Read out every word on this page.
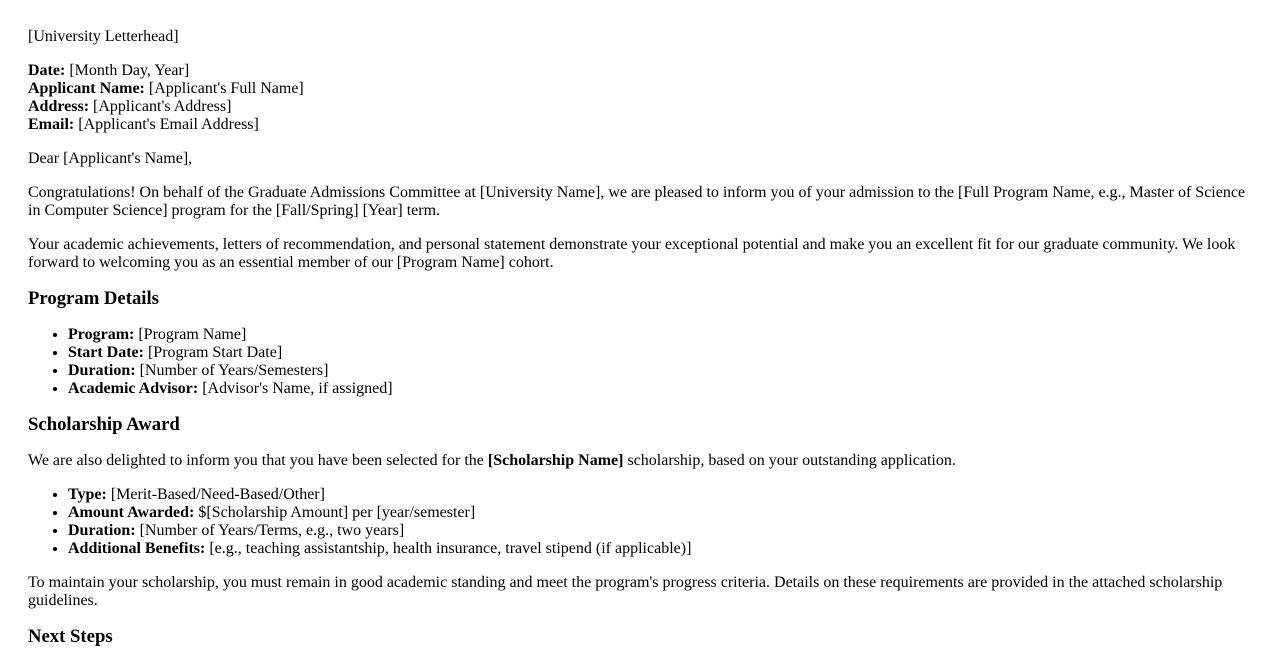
[University Letterhead]

Date: [Month Day, Year]
Applicant Name: [Applicant's Full Name]
Address: [Applicant's Address]
Email: [Applicant's Email Address]

Dear [Applicant's Name],

Congratulations! On behalf of the Graduate Admissions Committee at [University Name], we are pleased to inform you of your admission to the [Full Program Name, e.g., Master of Science in Computer Science] program for the [Fall/Spring] [Year] term.

Your academic achievements, letters of recommendation, and personal statement demonstrate your exceptional potential and make you an excellent fit for our graduate community. We look forward to welcoming you as an essential member of our [Program Name] cohort.

Program Details
• Program: [Program Name]
• Start Date: [Program Start Date]
• Duration: [Number of Years/Semesters]
• Academic Advisor: [Advisor's Name, if assigned]
Scholarship Award

We are also delighted to inform you that you have been selected for the [Scholarship Name] scholarship, based on your outstanding application.

• Type: [Merit-Based/Need-Based/Other]
• Amount Awarded: $[Scholarship Amount] per [year/semester]
• Duration: [Number of Years/Terms, e.g., two years]
• Additional Benefits: [e.g., teaching assistantship, health insurance, travel stipend (if applicable)]

To maintain your scholarship, you must remain in good academic standing and meet the program's progress criteria. Details on these requirements are provided in the attached scholarship guidelines.

Next Steps
